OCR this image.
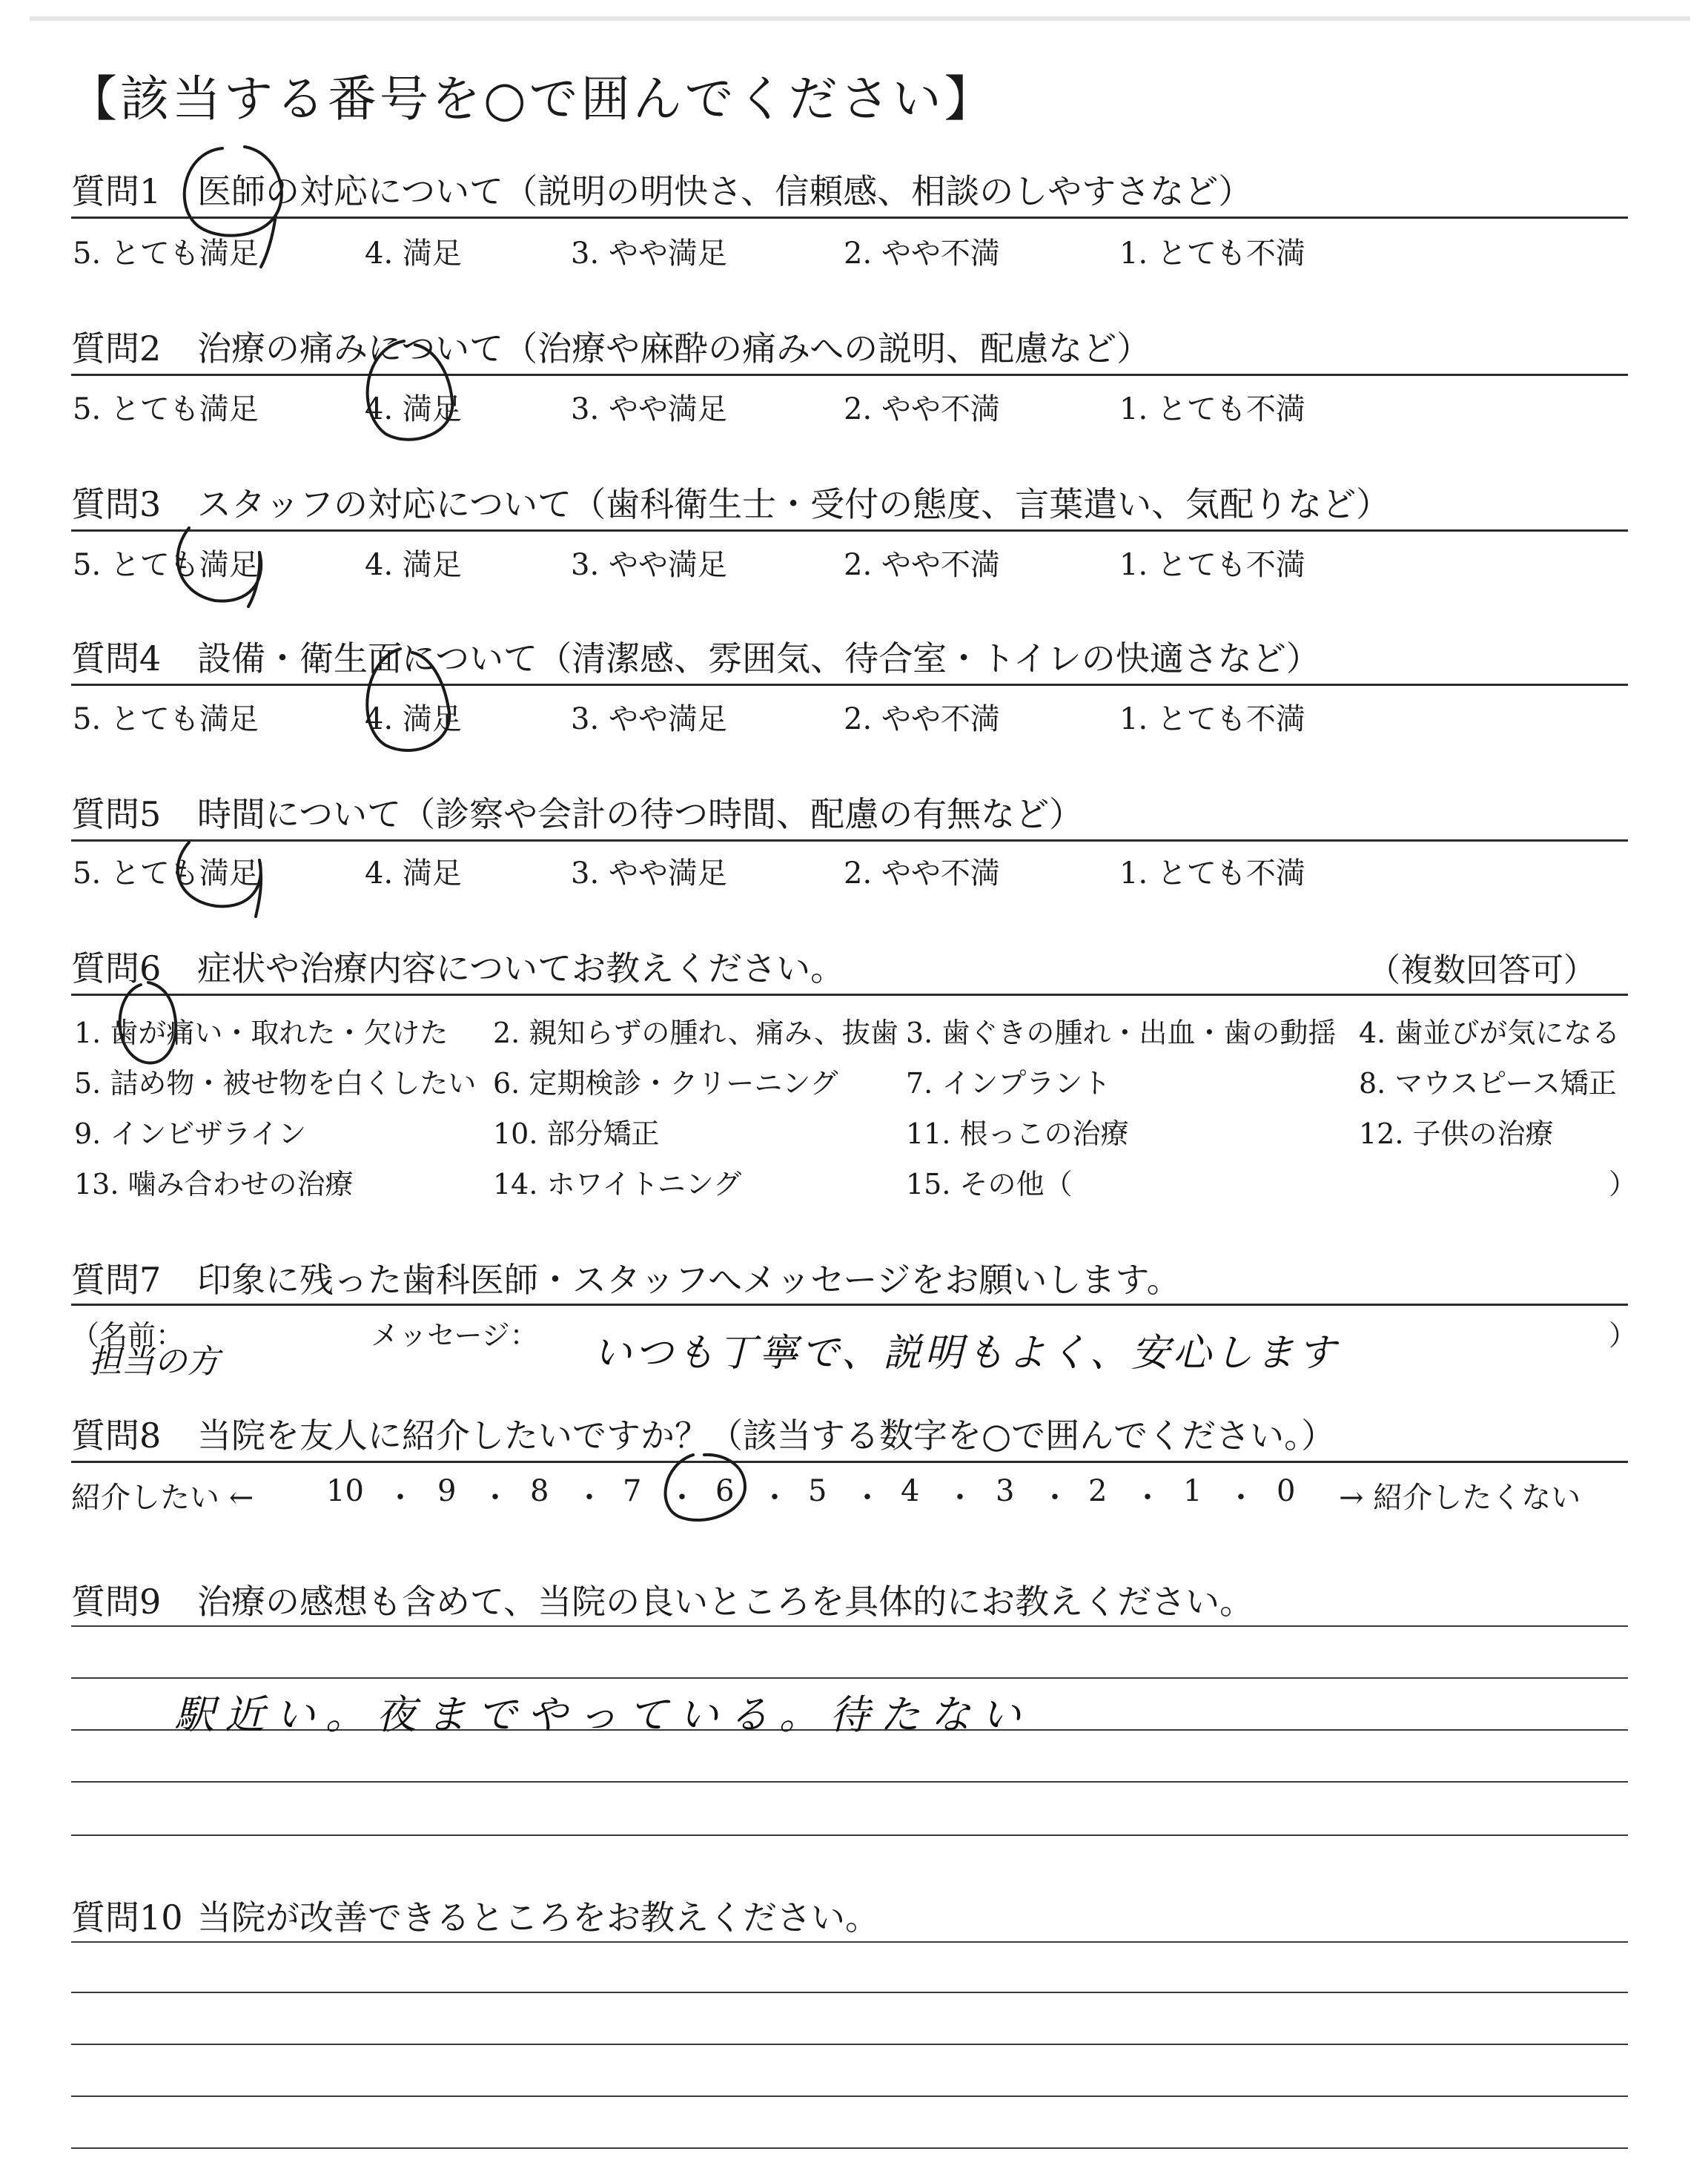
【該当する番号を○で囲んでください】
質問1 医師の対応について（説明の明快さ、信頼感、相談のしやすさなど）
5. とても満足	4. 満足	3. やや満足	2. やや不満	1. とても不満
質問2 治療の痛みについて（治療や麻酔の痛みへの説明、配慮など）
5. とても満足	4. 満足	3. やや満足	2. やや不満	1. とても不満
質問3 スタッフの対応について（歯科衛生士・受付の態度、言葉遣い、気配りなど）
5. とても満足	4. 満足	3. やや満足	2. やや不満	1. とても不満
質問4 設備・衛生面について（清潔感、雰囲気、待合室・トイレの快適さなど）
5. とても満足	4. 満足	3. やや満足	2. やや不満	1. とても不満
質問5 時間について（診察や会計の待つ時間、配慮の有無など）
5. とても満足	4. 満足	3. やや満足	2. やや不満	1. とても不満
質問6 症状や治療内容についてお教えください。	（複数回答可）
1. 歯が痛い・取れた・欠けた 2. 親知らずの腫れ、痛み、抜歯 3. 歯ぐきの腫れ・出血・歯の動揺 4. 歯並びが気になる
5. 詰め物・被せ物を白くしたい 6. 定期検診・クリーニング 7. インプラント	8. マウスピース矯正
9. インビザライン	10. 部分矯正	11. 根っこの治療	12. 子供の治療
13. 噛み合わせの治療	14. ホワイトニング	15. その他（	）
質問7 印象に残った歯科医師・スタッフへメッセージをお願いします。
（名前：	メッセージ：	）
担当の方	いつも丁寧で、説明もよく、安心します
質問8 当院を友人に紹介したいですか？（該当する数字を○で囲んでください。）
紹介したい ← 10 ・ 9 ・ 8 ・ 7 ・ 6 ・ 5 ・ 4 ・ 3 ・ 2 ・ 1 ・ 0 → 紹介したくない
質問9 治療の感想も含めて、当院の良いところを具体的にお教えください。
駅近い。夜までやっている。待たない
質問10 当院が改善できるところをお教えください。
